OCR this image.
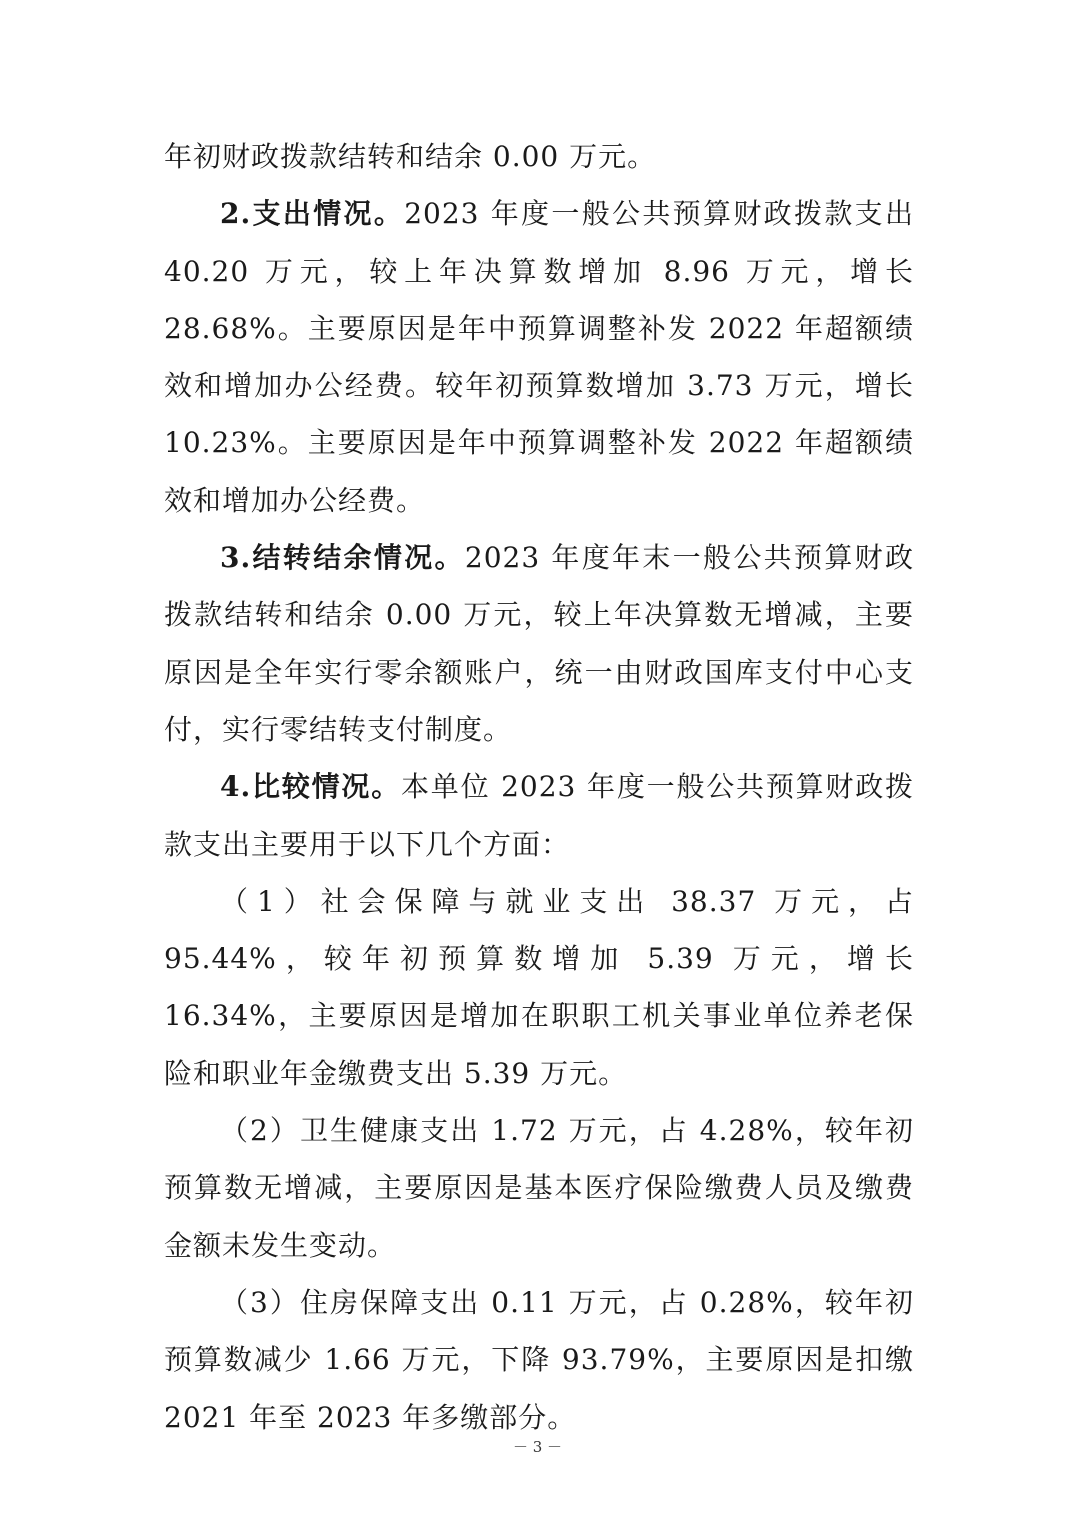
年初财政拨款结转和结余 0.00 万元。

2.支出情况。2023 年度一般公共预算财政拨款支出 40.20 万元，较上年决算数增加 8.96 万元，增长 28.68%。主要原因是年中预算调整补发 2022 年超额绩效和增加办公经费。较年初预算数增加 3.73 万元，增长 10.23%。主要原因是年中预算调整补发 2022 年超额绩效和增加办公经费。

3.结转结余情况。2023 年度年末一般公共预算财政拨款结转和结余 0.00 万元，较上年决算数无增减，主要原因是全年实行零余额账户，统一由财政国库支付中心支付，实行零结转支付制度。

4.比较情况。本单位 2023 年度一般公共预算财政拨款支出主要用于以下几个方面：

（1）社会保障与就业支出 38.37 万元，占 95.44%，较年初预算数增加 5.39 万元，增长 16.34%，主要原因是增加在职职工机关事业单位养老保险和职业年金缴费支出 5.39 万元。

（2）卫生健康支出 1.72 万元，占 4.28%，较年初预算数无增减，主要原因是基本医疗保险缴费人员及缴费金额未发生变动。

（3）住房保障支出 0.11 万元，占 0.28%，较年初预算数减少 1.66 万元，下降 93.79%，主要原因是扣缴 2021 年至 2023 年多缴部分。

－ 3 －
